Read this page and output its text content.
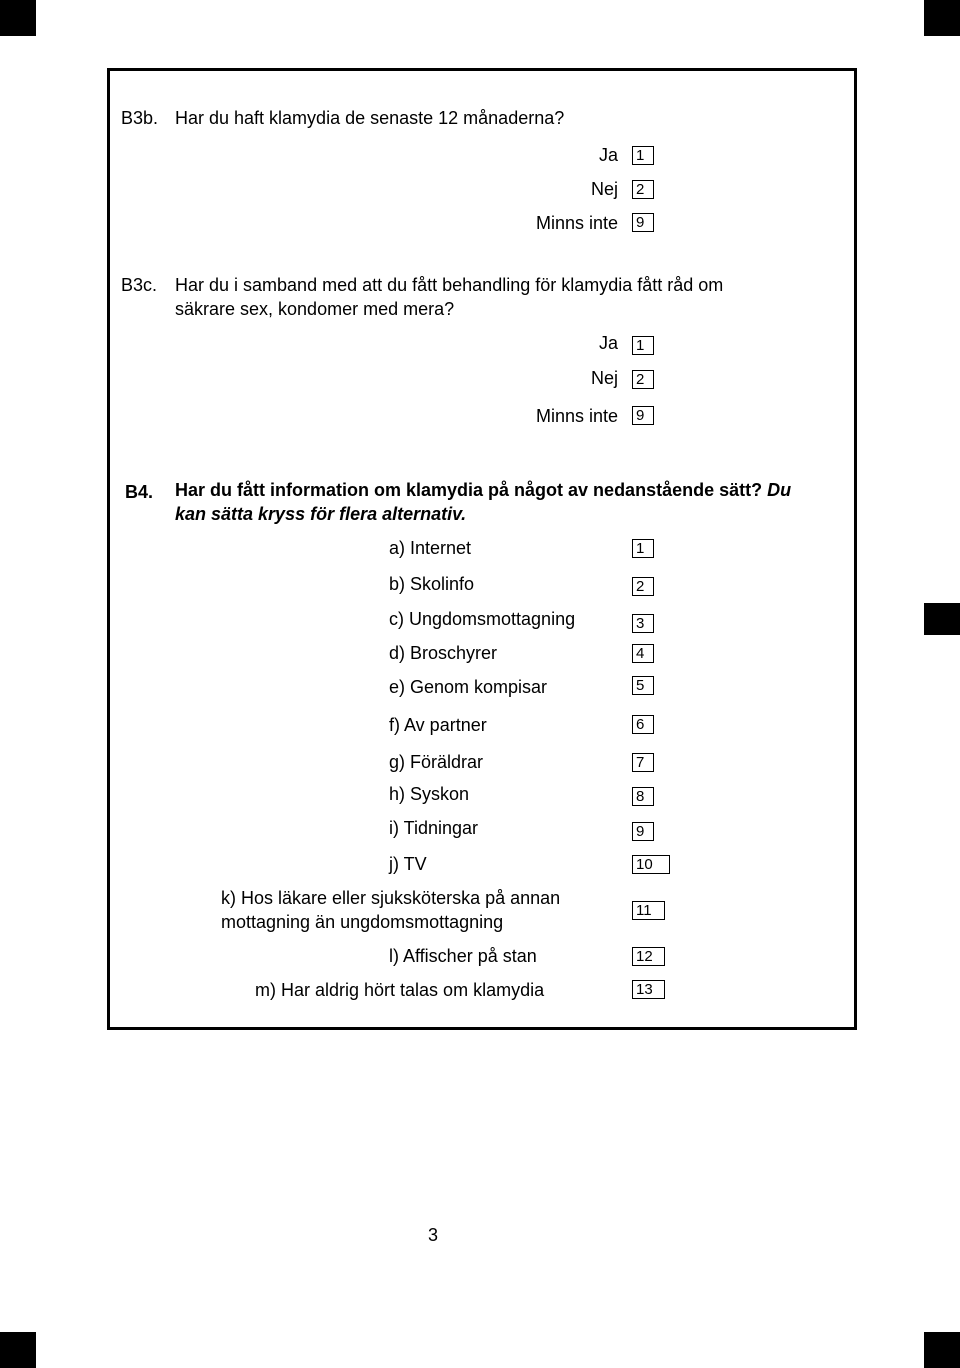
B3b. Har du haft klamydia de senaste 12 månaderna?
Ja 1
Nej 2
Minns inte 9
B3c. Har du i samband med att du fått behandling för klamydia fått råd om
säkrare sex, kondomer med mera?
Ja 1
Nej 2
Minns inte 9
B4. Har du fått information om klamydia på något av nedanstående sätt? Du
kan sätta kryss för flera alternativ.
a) Internet	1
b) Skolinfo	2
c) Ungdomsmottagning	3
d) Broschyrer	4
e) Genom kompisar	5
f) Av partner	6
g) Föräldrar	7
h) Syskon	8
i) Tidningar	9
j) TV	10
k) Hos läkare eller sjuksköterska på annan
mottagning än ungdomsmottagning
11
l) Affischer på stan	12
m) Har aldrig hört talas om klamydia	13
3
